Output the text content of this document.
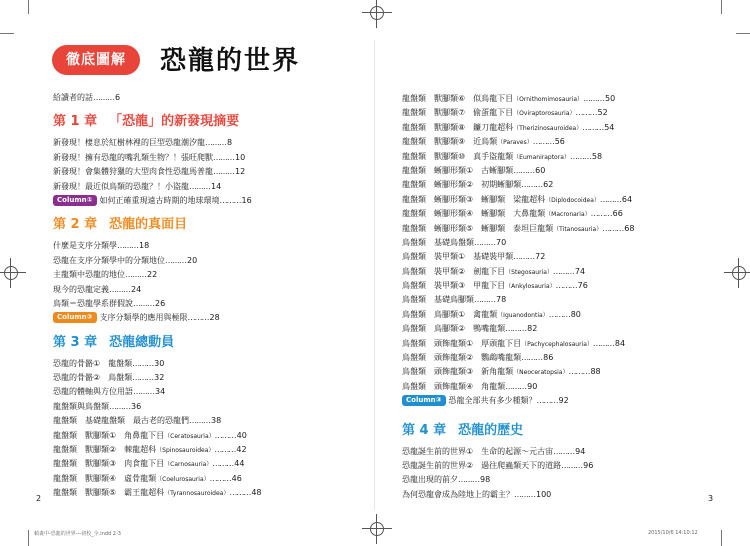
徹底圖解	恐龍的世界
給讀者的話………6
第 1 章 「恐龍」的新發現摘要
新發現！棲息於紅樹林裡的巨型恐龍潮汐龍………8
新發現！擁有恐龍的嘴乳類生物？！張旺爬獸………10
新發現！會集體狩獵的大型肉食性恐龍馬普龍………12
新發現！最近似鳥類的恐龍？！小盜龍………14
Column① 如何正確重現遠古時期的地球環境………16
第 2 章 恐龍的真面目
什麼是支序分類學………18
恐龍在支序分類學中的分類地位………20
主龍類中恐龍的地位………22
現今的恐龍定義………24
鳥類＝恐龍學系群假說………26
Column② 支序分類學的應用與極限………28
第 3 章 恐龍總動員
恐龍的骨骼①　龍盤類………30
恐龍的骨骼②　鳥盤類………32
恐龍的體軸與方位用語………34
龍盤類與鳥盤類………36
龍盤類　基礎龍盤類　最古老的恐龍們………38
龍盤類　獸腳類①　角鼻龍下目（Ceratosauria）………40
龍盤類　獸腳類②　棘龍超科（Spinosauroidea）………42
龍盤類　獸腳類③　肉食龍下目（Carnosauria）………44
龍盤類　獸腳類④　虛骨龍類（Coelurosauria）………46
龍盤類　獸腳類⑤　霸王龍超科（Tyrannosauroidea）………48
龍盤類　獸腳類⑥　似鳥龍下目（Ornithomimosauria）………50
龍盤類　獸腳類⑦　偷蛋龍下目（Oviraptorosauria）………52
龍盤類　獸腳類⑧　鐮刀龍超科（Therizinosauroidea）………54
龍盤類　獸腳類⑨　近鳥類（Paraves）………56
龍盤類　獸腳類⑩　真手盜龍類（Eumaniraptora）………58
龍盤類　蜥腳形類①　古蜥腳類………60
龍盤類　蜥腳形類②　初期蜥腳類………62
龍盤類　蜥腳形類③　蜥腳類　梁龍超科（Diplodocoidea）………64
龍盤類　蜥腳形類④　蜥腳類　大鼻龍類（Macronaria）………66
龍盤類　蜥腳形類⑤　蜥腳類　泰坦巨龍類（Titanosauria）………68
鳥盤類　基礎鳥盤類………70
鳥盤類　裝甲類①　基礎裝甲類………72
鳥盤類　裝甲類②　劍龍下目（Stegosauria）………74
鳥盤類　裝甲類③　甲龍下目（Ankylosauria）………76
鳥盤類　基礎鳥腳類………78
鳥盤類　鳥腳類①　禽龍類（Iguanodontia）………80
鳥盤類　鳥腳類②　鴨嘴龍類………82
鳥盤類　頭飾龍類①　厚頭龍下目（Pachycephalosauria）………84
鳥盤類　頭飾龍類②　鸚鵡嘴龍類………86
鳥盤類　頭飾龍類③　新角龍類（Neoceratopsia）………88
鳥盤類　頭飾龍類④　角龍類………90
Column③ 恐龍全部共有多少種類？………92
第 4 章 恐龍的歷史
恐龍誕生前的世界①　生命的起源～元古宙………94
恐龍誕生前的世界②　過往爬蟲類天下的道路………96
恐龍出現的前夕………98
為何恐龍會成為陸地上的霸主？………100
2	3
幀畫中-恐龍的世界---初校_全.indd 2-3	2015/10/6 14:10:12
